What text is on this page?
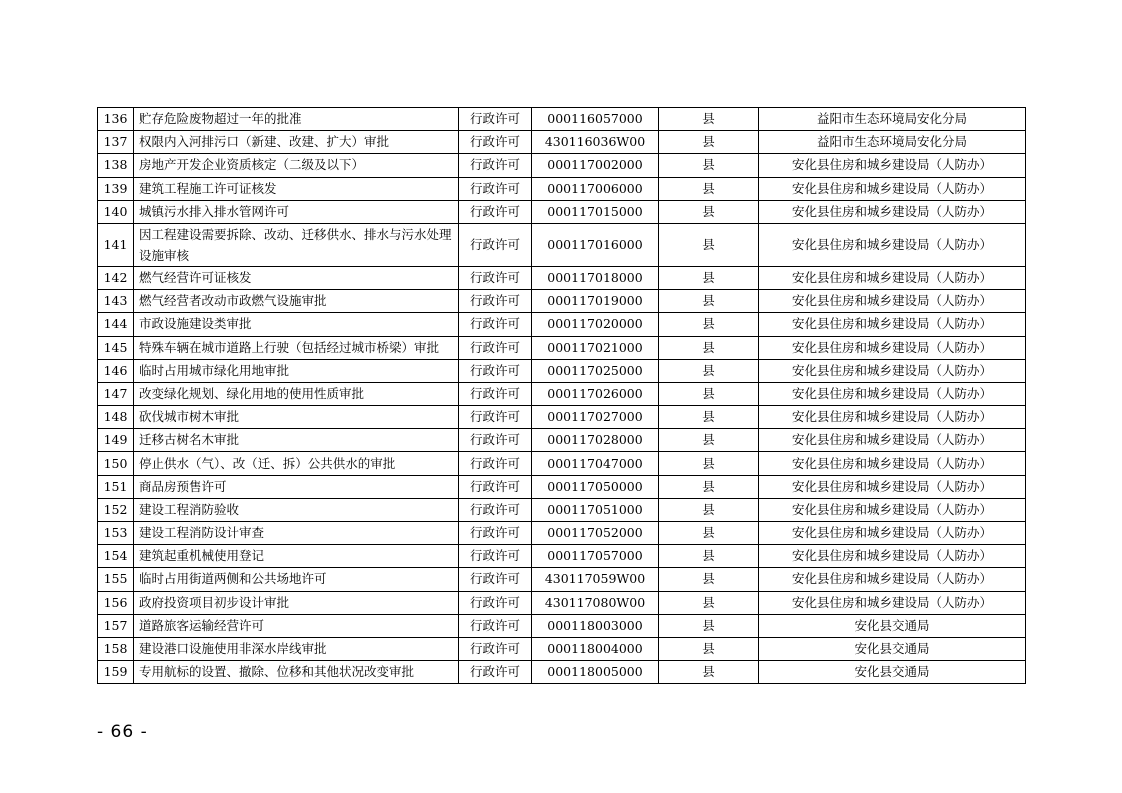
136	贮存危险废物超过一年的批准	行政许可	000116057000	县	益阳市生态环境局安化分局
137	权限内入河排污口（新建、改建、扩大）审批	行政许可	430116036W00	县	益阳市生态环境局安化分局
138	房地产开发企业资质核定（二级及以下）	行政许可	000117002000	县	安化县住房和城乡建设局（人防办）
139	建筑工程施工许可证核发	行政许可	000117006000	县	安化县住房和城乡建设局（人防办）
140	城镇污水排入排水管网许可	行政许可	000117015000	县	安化县住房和城乡建设局（人防办）
141	因工程建设需要拆除、改动、迁移供水、排水与污水处理设施审核	行政许可	000117016000	县	安化县住房和城乡建设局（人防办）
142	燃气经营许可证核发	行政许可	000117018000	县	安化县住房和城乡建设局（人防办）
143	燃气经营者改动市政燃气设施审批	行政许可	000117019000	县	安化县住房和城乡建设局（人防办）
144	市政设施建设类审批	行政许可	000117020000	县	安化县住房和城乡建设局（人防办）
145	特殊车辆在城市道路上行驶（包括经过城市桥梁）审批	行政许可	000117021000	县	安化县住房和城乡建设局（人防办）
146	临时占用城市绿化用地审批	行政许可	000117025000	县	安化县住房和城乡建设局（人防办）
147	改变绿化规划、绿化用地的使用性质审批	行政许可	000117026000	县	安化县住房和城乡建设局（人防办）
148	砍伐城市树木审批	行政许可	000117027000	县	安化县住房和城乡建设局（人防办）
149	迁移古树名木审批	行政许可	000117028000	县	安化县住房和城乡建设局（人防办）
150	停止供水（气）、改（迁、拆）公共供水的审批	行政许可	000117047000	县	安化县住房和城乡建设局（人防办）
151	商品房预售许可	行政许可	000117050000	县	安化县住房和城乡建设局（人防办）
152	建设工程消防验收	行政许可	000117051000	县	安化县住房和城乡建设局（人防办）
153	建设工程消防设计审查	行政许可	000117052000	县	安化县住房和城乡建设局（人防办）
154	建筑起重机械使用登记	行政许可	000117057000	县	安化县住房和城乡建设局（人防办）
155	临时占用街道两侧和公共场地许可	行政许可	430117059W00	县	安化县住房和城乡建设局（人防办）
156	政府投资项目初步设计审批	行政许可	430117080W00	县	安化县住房和城乡建设局（人防办）
157	道路旅客运输经营许可	行政许可	000118003000	县	安化县交通局
158	建设港口设施使用非深水岸线审批	行政许可	000118004000	县	安化县交通局
159	专用航标的设置、撤除、位移和其他状况改变审批	行政许可	000118005000	县	安化县交通局
- 66 -
